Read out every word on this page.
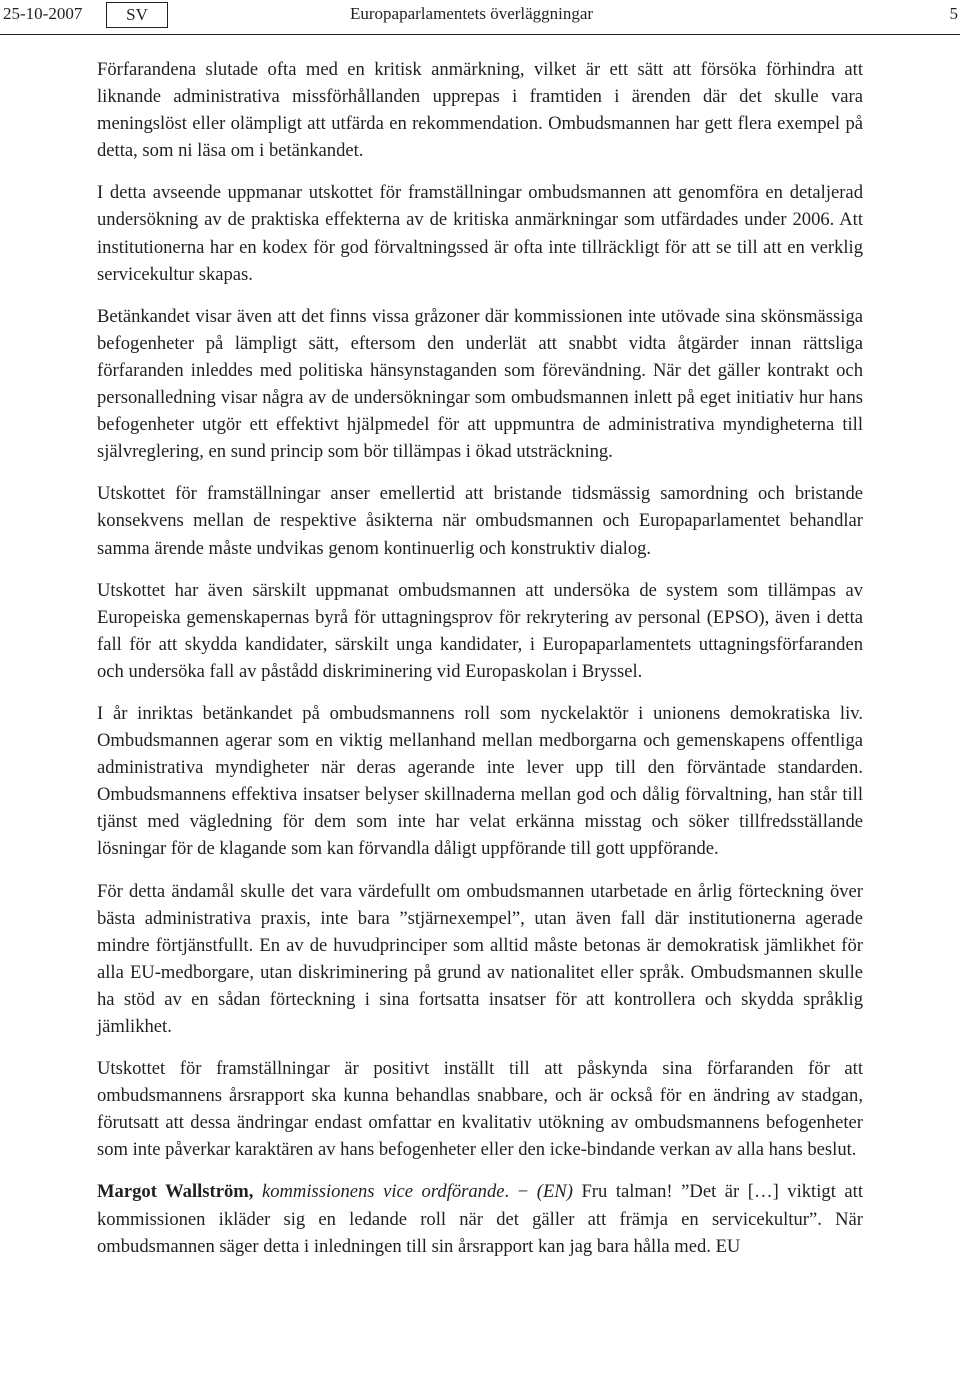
25-10-2007	SV	Europaparlamentets överläggningar	5

Förfarandena slutade ofta med en kritisk anmärkning, vilket är ett sätt att försöka förhindra att liknande administrativa missförhållanden upprepas i framtiden i ärenden där det skulle vara meningslöst eller olämpligt att utfärda en rekommendation. Ombudsmannen har gett flera exempel på detta, som ni läsa om i betänkandet.

I detta avseende uppmanar utskottet för framställningar ombudsmannen att genomföra en detaljerad undersökning av de praktiska effekterna av de kritiska anmärkningar som utfärdades under 2006. Att institutionerna har en kodex för god förvaltningssed är ofta inte tillräckligt för att se till att en verklig servicekultur skapas.

Betänkandet visar även att det finns vissa gråzoner där kommissionen inte utövade sina skönsmässiga befogenheter på lämpligt sätt, eftersom den underlät att snabbt vidta åtgärder innan rättsliga förfaranden inleddes med politiska hänsynstaganden som förevändning. När det gäller kontrakt och personalledning visar några av de undersökningar som ombudsmannen inlett på eget initiativ hur hans befogenheter utgör ett effektivt hjälpmedel för att uppmuntra de administrativa myndigheterna till självreglering, en sund princip som bör tillämpas i ökad utsträckning.

Utskottet för framställningar anser emellertid att bristande tidsmässig samordning och bristande konsekvens mellan de respektive åsikterna när ombudsmannen och Europaparlamentet behandlar samma ärende måste undvikas genom kontinuerlig och konstruktiv dialog.

Utskottet har även särskilt uppmanat ombudsmannen att undersöka de system som tillämpas av Europeiska gemenskapernas byrå för uttagningsprov för rekrytering av personal (EPSO), även i detta fall för att skydda kandidater, särskilt unga kandidater, i Europaparlamentets uttagningsförfaranden och undersöka fall av påstådd diskriminering vid Europaskolan i Bryssel.

I år inriktas betänkandet på ombudsmannens roll som nyckelaktör i unionens demokratiska liv. Ombudsmannen agerar som en viktig mellanhand mellan medborgarna och gemenskapens offentliga administrativa myndigheter när deras agerande inte lever upp till den förväntade standarden. Ombudsmannens effektiva insatser belyser skillnaderna mellan god och dålig förvaltning, han står till tjänst med vägledning för dem som inte har velat erkänna misstag och söker tillfredsställande lösningar för de klagande som kan förvandla dåligt uppförande till gott uppförande.

För detta ändamål skulle det vara värdefullt om ombudsmannen utarbetade en årlig förteckning över bästa administrativa praxis, inte bara ”stjärnexempel”, utan även fall där institutionerna agerade mindre förtjänstfullt. En av de huvudprinciper som alltid måste betonas är demokratisk jämlikhet för alla EU-medborgare, utan diskriminering på grund av nationalitet eller språk. Ombudsmannen skulle ha stöd av en sådan förteckning i sina fortsatta insatser för att kontrollera och skydda språklig jämlikhet.

Utskottet för framställningar är positivt inställt till att påskynda sina förfaranden för att ombudsmannens årsrapport ska kunna behandlas snabbare, och är också för en ändring av stadgan, förutsatt att dessa ändringar endast omfattar en kvalitativ utökning av ombudsmannens befogenheter som inte påverkar karaktären av hans befogenheter eller den icke-bindande verkan av alla hans beslut.

Margot Wallström, kommissionens vice ordförande. − (EN) Fru talman! ”Det är […] viktigt att kommissionen ikläder sig en ledande roll när det gäller att främja en servicekultur”. När ombudsmannen säger detta i inledningen till sin årsrapport kan jag bara hålla med. EU
